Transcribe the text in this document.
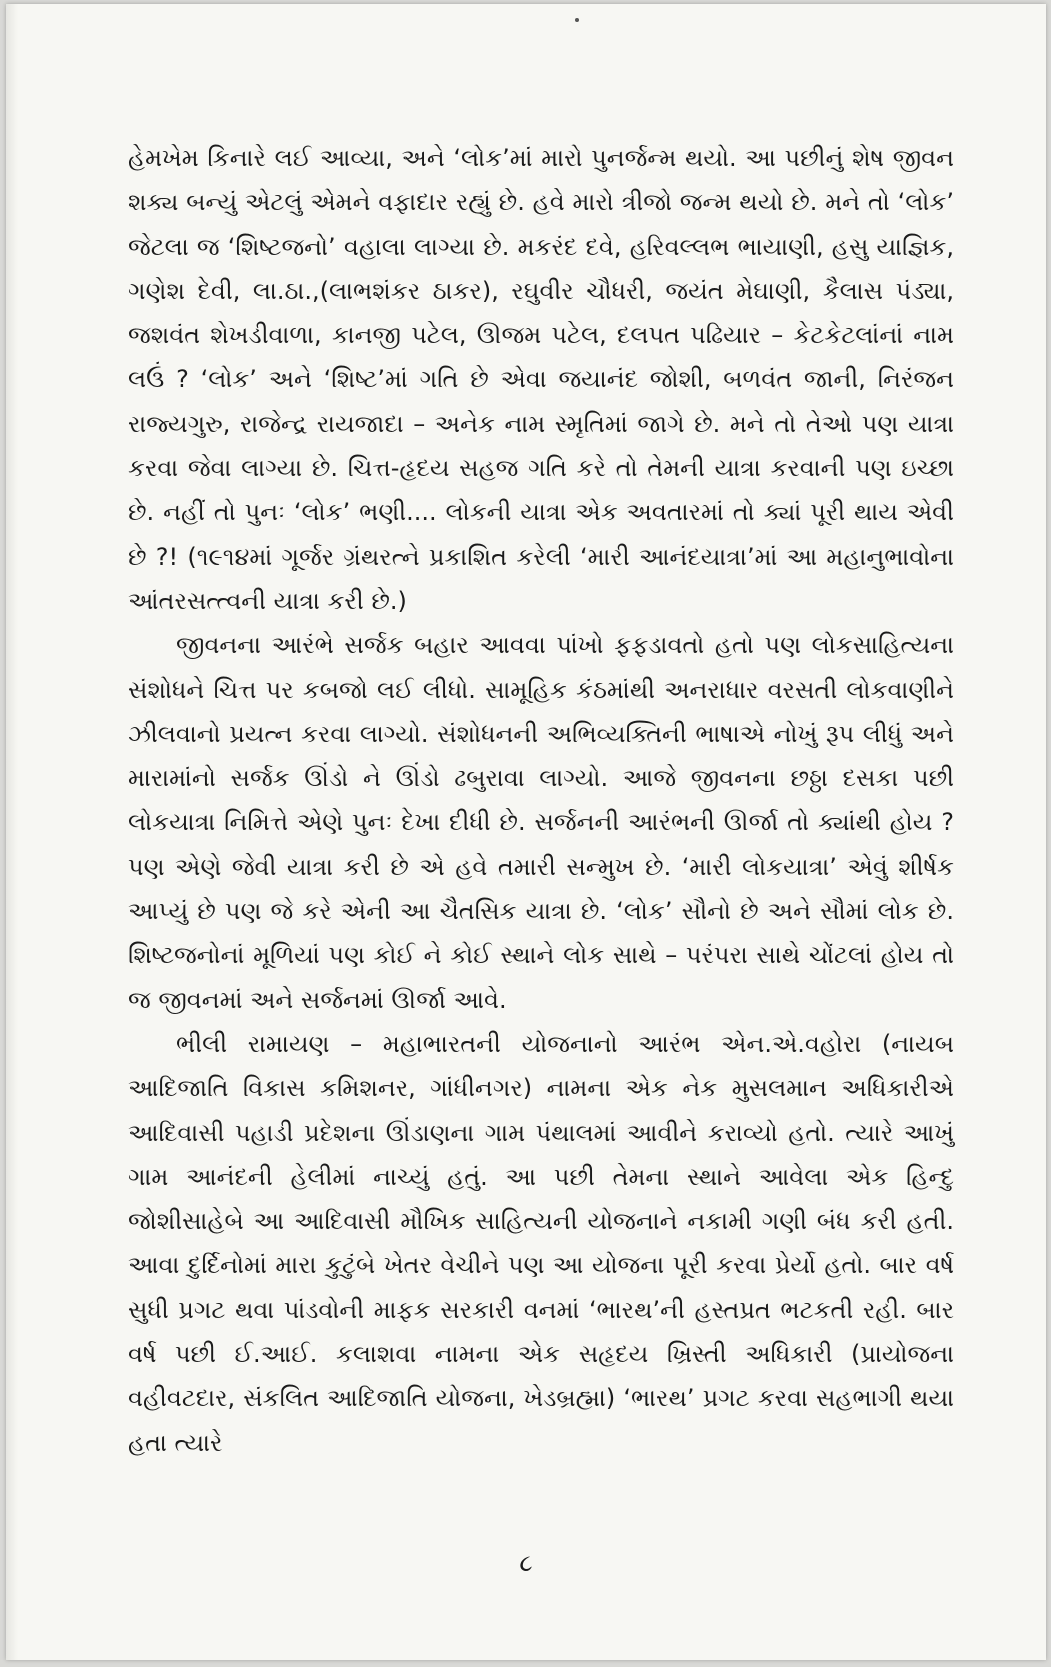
હેમખેમ કિનારે લઈ આવ્યા, અને ‘લોક’માં મારો પુનર્જન્મ થયો. આ પછીનું શેષ જીવન શક્ય બન્યું એટલું એમને વફાદાર રહ્યું છે. હવે મારો ત્રીજો જન્મ થયો છે. મને તો ‘લોક’ જેટલા જ ‘શિષ્ટજનો’ વહાલા લાગ્યા છે. મકરંદ દવે, હરિવલ્લભ ભાયાણી, હસુ યાજ્ઞિક, ગણેશ દેવી, લા.ઠા.,(લાભશંકર ઠાકર), રઘુવીર ચૌધરી, જયંત મેઘાણી, કૈલાસ પંડ્યા, જશવંત શેખડીવાળા, કાનજી પટેલ, ઊજમ પટેલ, દલપત પઢિયાર – કેટકેટલાંનાં નામ લઉં ? ‘લોક’ અને ‘શિષ્ટ’માં ગતિ છે એવા જયાનંદ જોશી, બળવંત જાની, નિરંજન રાજ્યગુરુ, રાજેન્દ્ર રાયજાદા – અનેક નામ સ્મૃતિમાં જાગે છે. મને તો તેઓ પણ યાત્રા કરવા જેવા લાગ્યા છે. ચિત્ત-હૃદય સહજ ગતિ કરે તો તેમની યાત્રા કરવાની પણ ઇચ્છા છે. નહીં તો પુનઃ ‘લોક’ ભણી.... લોકની યાત્રા એક અવતારમાં તો ક્યાં પૂરી થાય એવી છે ?! (૧૯૧૪માં ગૂર્જર ગ્રંથરત્ને પ્રકાશિત કરેલી ‘મારી આનંદયાત્રા’માં આ મહાનુભાવોના આંતરસત્ત્વની યાત્રા કરી છે.)

જીવનના આરંભે સર્જક બહાર આવવા પાંખો ફફડાવતો હતો પણ લોકસાહિત્યના સંશોધને ચિત્ત પર કબજો લઈ લીધો. સામૂહિક કંઠમાંથી અનરાધાર વરસતી લોકવાણીને ઝીલવાનો પ્રયત્ન કરવા લાગ્યો. સંશોધનની અભિવ્યક્તિની ભાષાએ નોખું રૂપ લીધું અને મારામાંનો સર્જક ઊંડો ને ઊંડો ઢબુરાવા લાગ્યો. આજે જીવનના છઠ્ઠા દસકા પછી લોકયાત્રા નિમિત્તે એણે પુનઃ દેખા દીધી છે. સર્જનની આરંભની ઊર્જા તો ક્યાંથી હોય ? પણ એણે જેવી યાત્રા કરી છે એ હવે તમારી સન્મુખ છે. ‘મારી લોકયાત્રા’ એવું શીર્ષક આપ્યું છે પણ જે કરે એની આ ચૈતસિક યાત્રા છે. ‘લોક’ સૌનો છે અને સૌમાં લોક છે. શિષ્ટજનોનાં મૂળિયાં પણ કોઈ ને કોઈ સ્થાને લોક સાથે – પરંપરા સાથે ચોંટલાં હોય તો જ જીવનમાં અને સર્જનમાં ઊર્જા આવે.

ભીલી રામાયણ – મહાભારતની યોજનાનો આરંભ એન.એ.વહોરા (નાયબ આદિજાતિ વિકાસ કમિશનર, ગાંધીનગર) નામના એક નેક મુસલમાન અધિકારીએ આદિવાસી પહાડી પ્રદેશના ઊંડાણના ગામ પંથાલમાં આવીને કરાવ્યો હતો. ત્યારે આખું ગામ આનંદની હેલીમાં નાચ્યું હતું. આ પછી તેમના સ્થાને આવેલા એક હિન્દુ જોશીસાહેબે આ આદિવાસી મૌખિક સાહિત્યની યોજનાને નકામી ગણી બંધ કરી હતી. આવા દુર્દિનોમાં મારા કુટુંબે ખેતર વેચીને પણ આ યોજના પૂરી કરવા પ્રેર્યો હતો. બાર વર્ષ સુધી પ્રગટ થવા પાંડવોની માફક સરકારી વનમાં ‘ભારથ’ની હસ્તપ્રત ભટકતી રહી. બાર વર્ષ પછી ઈ.આઈ. કલાશવા નામના એક સહૃદય ખ્રિસ્તી અધિકારી (પ્રાયોજના વહીવટદાર, સંકલિત આદિજાતિ યોજના, ખેડબ્રહ્મા) ‘ભારથ’ પ્રગટ કરવા સહભાગી થયા હતા ત્યારે

૮
